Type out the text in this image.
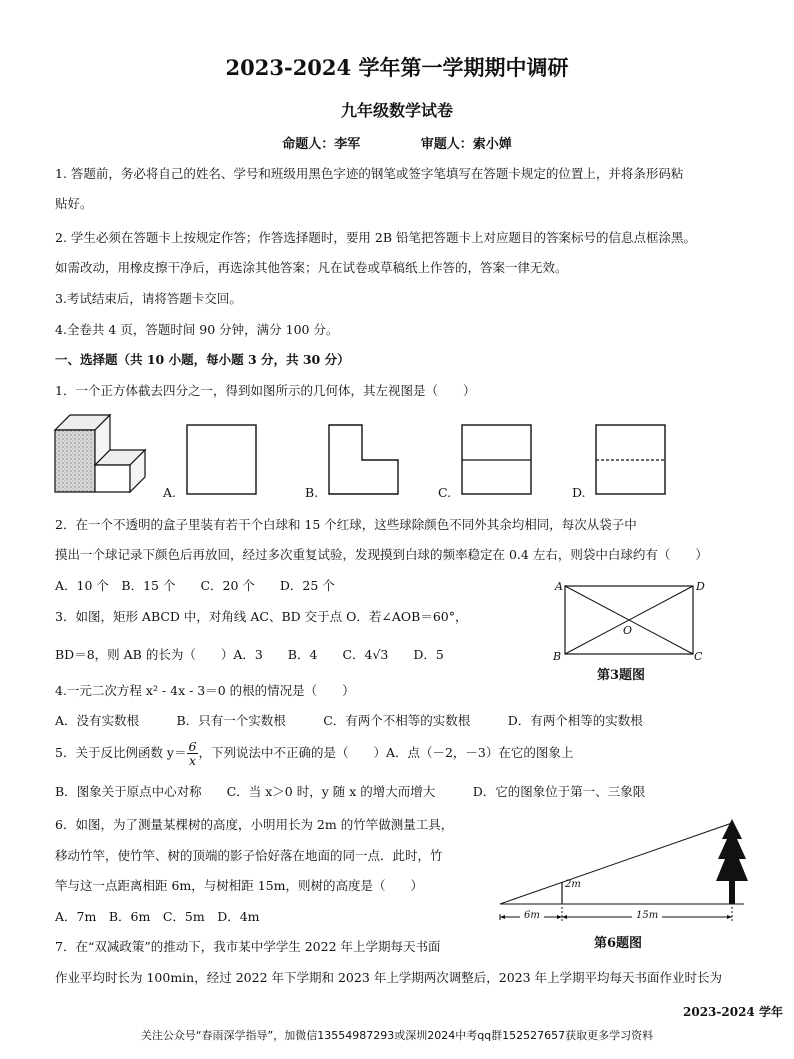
2023-2024 学年第一学期期中调研
九年级数学试卷
命题人：李军	审题人：索小婵
1. 答题前，务必将自己的姓名、学号和班级用黑色字迹的钢笔或签字笔填写在答题卡规定的位置上，并将条形码粘
贴好。
2. 学生必须在答题卡上按规定作答；作答选择题时，要用 2B 铅笔把答题卡上对应题目的答案标号的信息点框涂黑。
如需改动，用橡皮擦干净后，再选涂其他答案；凡在试卷或草稿纸上作答的，答案一律无效。
3.考试结束后，请将答题卡交回。
4.全卷共 4 页，答题时间 90 分钟，满分 100 分。
一、选择题（共 10 小题，每小题 3 分，共 30 分）
1．一个正方体截去四分之一，得到如图所示的几何体，其左视图是（　　）
A.	B.	C.	D.
2．在一个不透明的盒子里装有若干个白球和 15 个红球，这些球除颜色不同外其余均相同，每次从袋子中
摸出一个球记录下颜色后再放回，经过多次重复试验，发现摸到白球的频率稳定在 0.4 左右，则袋中白球约有（　　）
A．10 个　B．15 个　　C．20 个　　D．25 个
3．如图，矩形 ABCD 中，对角线 AC、BD 交于点 O．若∠AOB＝60°，
BD＝8，则 AB 的长为（　　）A．3　　B．4　　C．4√3　　D．5
A	D
B	C
O
第3题图
4.一元二次方程 x² - 4x - 3＝0 的根的情况是（　　）
A．没有实数根　　　B．只有一个实数根　　　C．有两个不相等的实数根　　　D．有两个相等的实数根
5．关于反比例函数 $y= \frac{6}{x}$ ，下列说法中不正确的是（　　）A．点（－2，－3）在它的图象上
B．图象关于原点中心对称　　C．当 x＞0 时，y 随 x 的增大而增大　　　D．它的图象位于第一、三象限
6．如图，为了测量某棵树的高度，小明用长为 2m 的竹竿做测量工具，
移动竹竿，使竹竿、树的顶端的影子恰好落在地面的同一点．此时，竹
竿与这一点距离相距 6m，与树相距 15m，则树的高度是（　　）
A．7m　B．6m　C．5m　D．4m
2m
6m	15m
第6题图
7．在“双减政策”的推动下，我市某中学学生 2022 年上学期每天书面
作业平均时长为 100min，经过 2022 年下学期和 2023 年上学期两次调整后，2023 年上学期平均每天书面作业时长为
2023-2024 学年
关注公众号“春雨深学指导”，加微信13554987293或深圳2024中考qq群152527657获取更多学习资料
